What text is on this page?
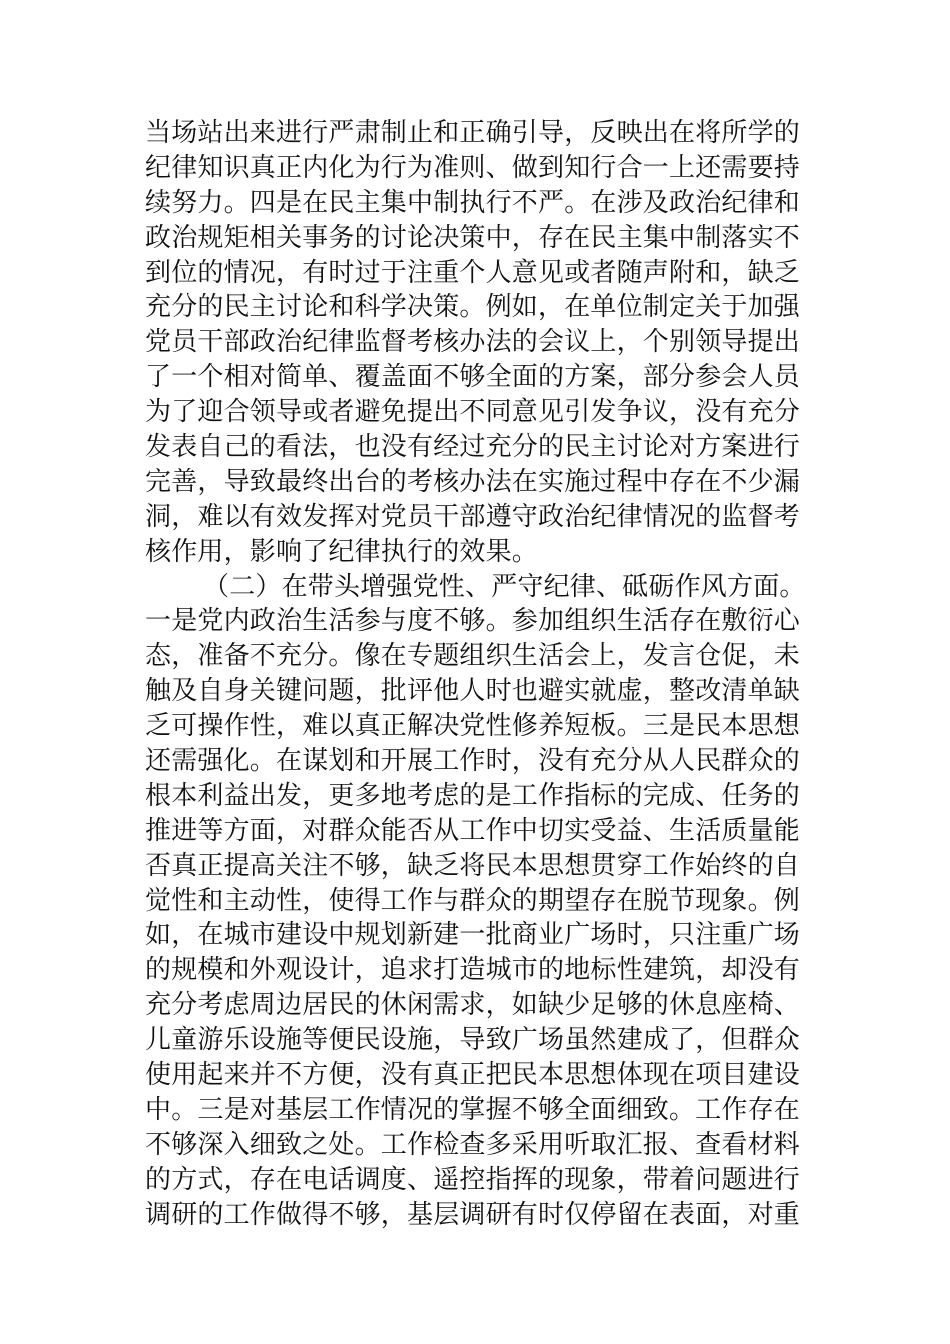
当场站出来进行严肃制止和正确引导，反映出在将所学的
纪律知识真正内化为行为准则、做到知行合一上还需要持
续努力。四是在民主集中制执行不严。在涉及政治纪律和
政治规矩相关事务的讨论决策中，存在民主集中制落实不
到位的情况，有时过于注重个人意见或者随声附和，缺乏
充分的民主讨论和科学决策。例如，在单位制定关于加强
党员干部政治纪律监督考核办法的会议上，个别领导提出
了一个相对简单、覆盖面不够全面的方案，部分参会人员
为了迎合领导或者避免提出不同意见引发争议，没有充分
发表自己的看法，也没有经过充分的民主讨论对方案进行
完善，导致最终出台的考核办法在实施过程中存在不少漏
洞，难以有效发挥对党员干部遵守政治纪律情况的监督考
核作用，影响了纪律执行的效果。
（二）在带头增强党性、严守纪律、砥砺作风方面。
一是党内政治生活参与度不够。参加组织生活存在敷衍心
态，准备不充分。像在专题组织生活会上，发言仓促，未
触及自身关键问题，批评他人时也避实就虚，整改清单缺
乏可操作性，难以真正解决党性修养短板。三是民本思想
还需强化。在谋划和开展工作时，没有充分从人民群众的
根本利益出发，更多地考虑的是工作指标的完成、任务的
推进等方面，对群众能否从工作中切实受益、生活质量能
否真正提高关注不够，缺乏将民本思想贯穿工作始终的自
觉性和主动性，使得工作与群众的期望存在脱节现象。例
如，在城市建设中规划新建一批商业广场时，只注重广场
的规模和外观设计，追求打造城市的地标性建筑，却没有
充分考虑周边居民的休闲需求，如缺少足够的休息座椅、
儿童游乐设施等便民设施，导致广场虽然建成了，但群众
使用起来并不方便，没有真正把民本思想体现在项目建设
中。三是对基层工作情况的掌握不够全面细致。工作存在
不够深入细致之处。工作检查多采用听取汇报、查看材料
的方式，存在电话调度、遥控指挥的现象，带着问题进行
调研的工作做得不够，基层调研有时仅停留在表面，对重
